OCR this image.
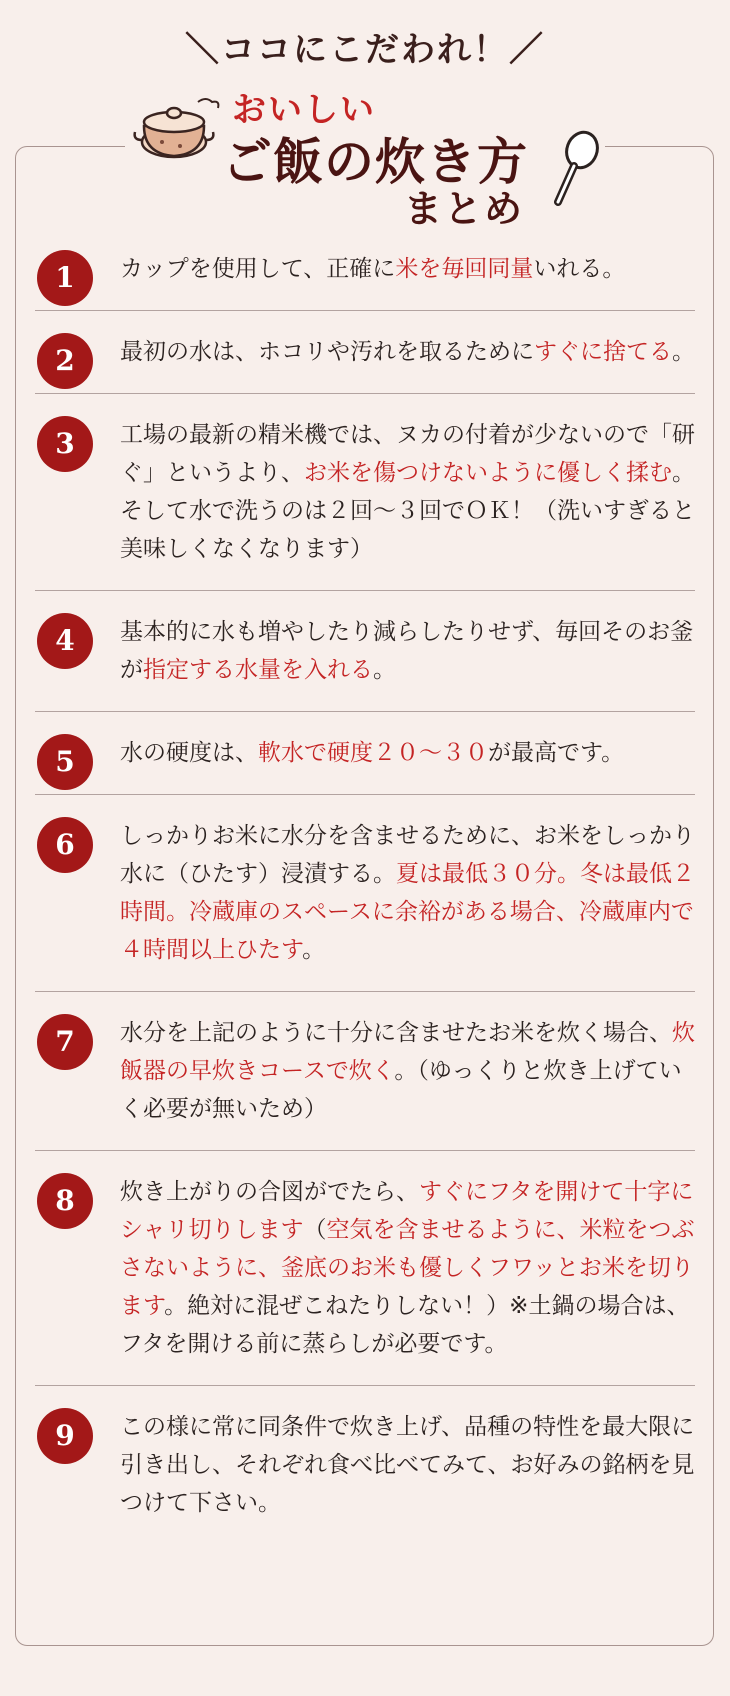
＼ココにこだわれ！／
おいしい
ご飯の炊き方
まとめ
1	カップを使用して、正確に米を毎回同量いれる。
2	最初の水は、ホコリや汚れを取るためにすぐに捨てる。
3	工場の最新の精米機では、ヌカの付着が少ないので「研ぐ」というより、お米を傷つけないように優しく揉む。そして水で洗うのは２回〜３回でＯＫ！（洗いすぎると美味しくなくなります）
4	基本的に水も増やしたり減らしたりせず、毎回そのお釜が指定する水量を入れる。
5	水の硬度は、軟水で硬度２０〜３０が最高です。
6	しっかりお米に水分を含ませるために、お米をしっかり水に（ひたす）浸漬する。夏は最低３０分。冬は最低２時間。冷蔵庫のスペースに余裕がある場合、冷蔵庫内で４時間以上ひたす。
7	水分を上記のように十分に含ませたお米を炊く場合、炊飯器の早炊きコースで炊く。（ゆっくりと炊き上げていく必要が無いため）
8	炊き上がりの合図がでたら、すぐにフタを開けて十字にシャリ切りします（空気を含ませるように、米粒をつぶさないように、釜底のお米も優しくフワッとお米を切ります。絶対に混ぜこねたりしない！）※土鍋の場合は、フタを開ける前に蒸らしが必要です。
9	この様に常に同条件で炊き上げ、品種の特性を最大限に引き出し、それぞれ食べ比べてみて、お好みの銘柄を見つけて下さい。
